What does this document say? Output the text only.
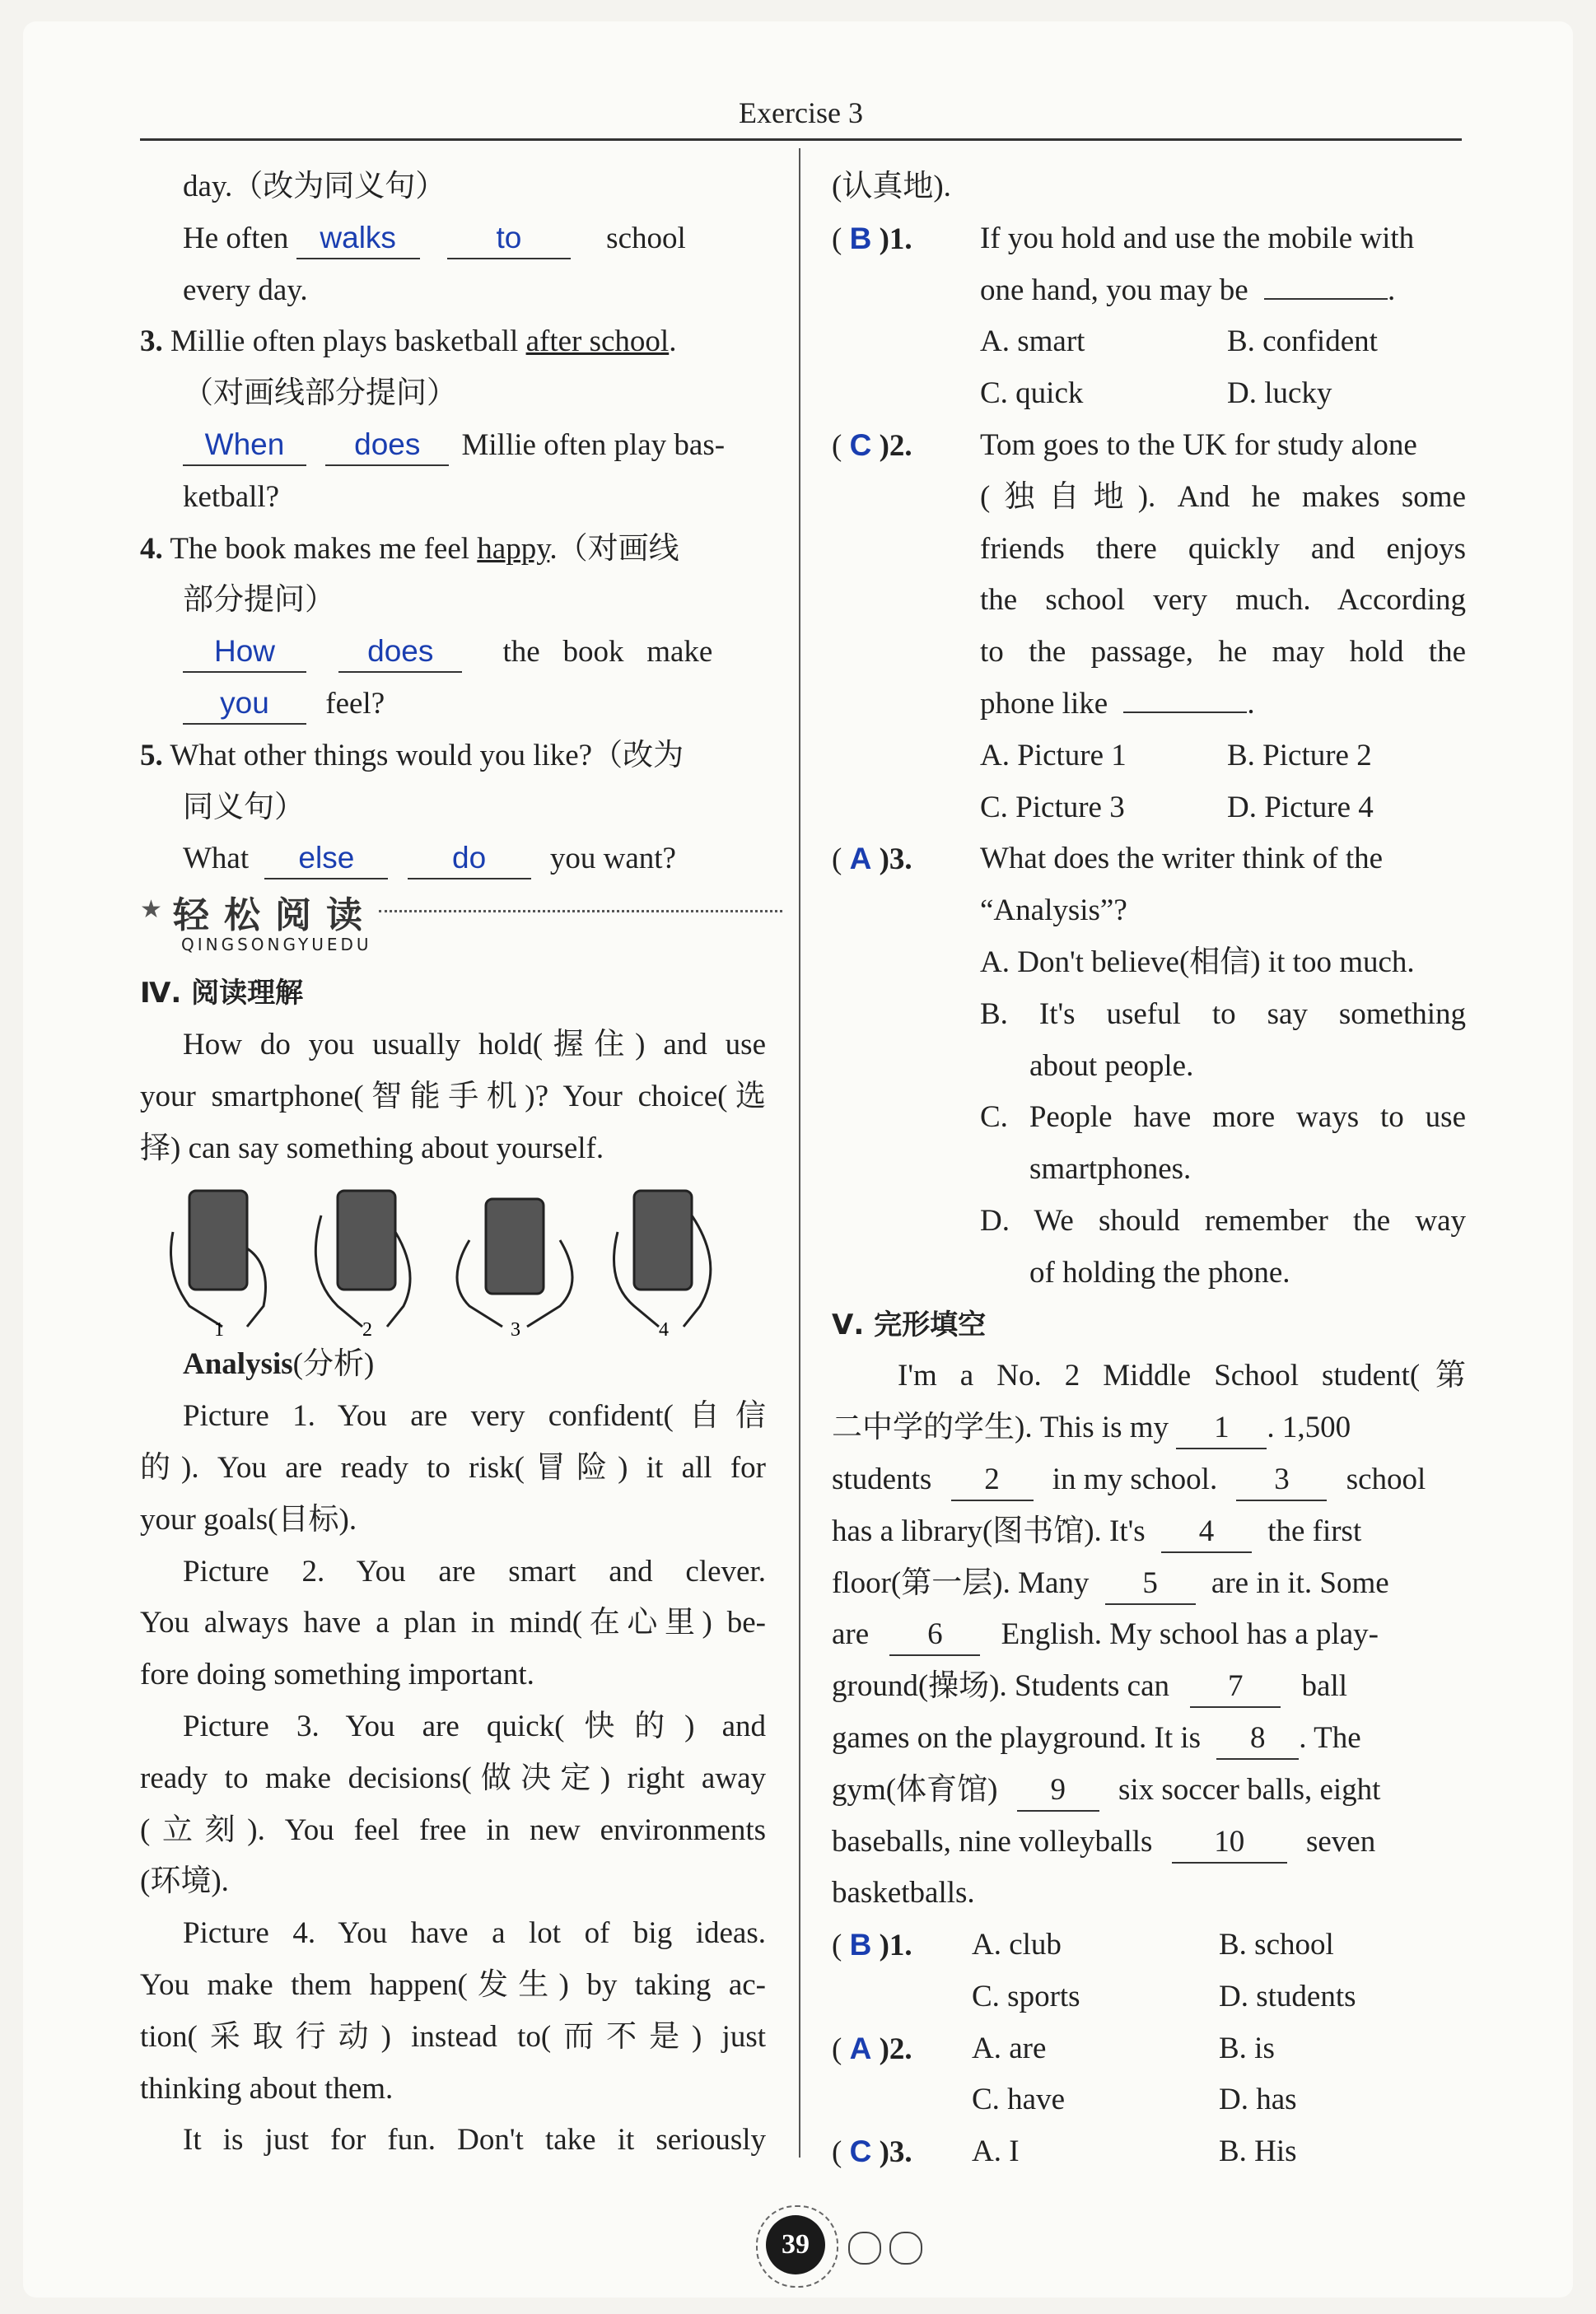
Exercise 3
day.（改为同义句）
He often walks	to	school
every day.
3. Millie often plays basketball after school.
（对画线部分提问）
When does Millie often play bas-
ketball?
4. The book makes me feel happy.（对画线
部分提问）
How	does the   book   make
you feel?
5. What other things would you like?（改为
同义句）
What else	do you want?
★ 轻松阅读
QINGSONGYUEDU
Ⅳ. 阅读理解
How do you usually hold(握住) and use
your smartphone(智能手机)? Your choice(选
择) can say something about yourself.
1	2	3	4
Analysis(分析)
Picture 1. You are very confident(自信
的). You are ready to risk(冒险) it all for
your goals(目标).
Picture 2. You are smart and clever.
You always have a plan in mind(在心里) be-
fore doing something important.
Picture 3. You are quick(快的) and
ready to make decisions(做决定) right away
(立刻). You feel free in new environments
(环境).
Picture 4. You have a lot of big ideas.
You make them happen(发生) by taking ac-
tion(采取行动) instead to(而不是) just
thinking about them.
It is just for fun. Don't take it seriously
(认真地).
( B )1. If you hold and use the mobile with
one hand, you may be	.
A. smart	B. confident
C. quick	D. lucky
( C )2. Tom goes to the UK for study alone
(独自地). And he makes some
friends there quickly and enjoys
the school very much. According
to the passage, he may hold the
phone like	.
A. Picture 1	B. Picture 2
C. Picture 3	D. Picture 4
( A )3. What does the writer think of the
“Analysis”?
A. Don't believe(相信) it too much.
B. It's useful to say something
about people.
C. People have more ways to use
smartphones.
D. We should remember the way
of holding the phone.
Ⅴ. 完形填空
I'm a No. 2 Middle School student(第
二中学的学生). This is my 1 . 1,500
students 2 in my school. 3 school
has a library(图书馆). It's 4 the first
floor(第一层). Many 5 are in it. Some
are 6 English. My school has a play-
ground(操场). Students can 7 ball
games on the playground. It is 8 . The
gym(体育馆) 9 six soccer balls, eight
baseballs, nine volleyballs 10 seven
basketballs.
( B )1. A. club	B. school
C. sports	D. students
( A )2. A. are	B. is
C. have	D. has
( C )3. A. I	B. His
39
